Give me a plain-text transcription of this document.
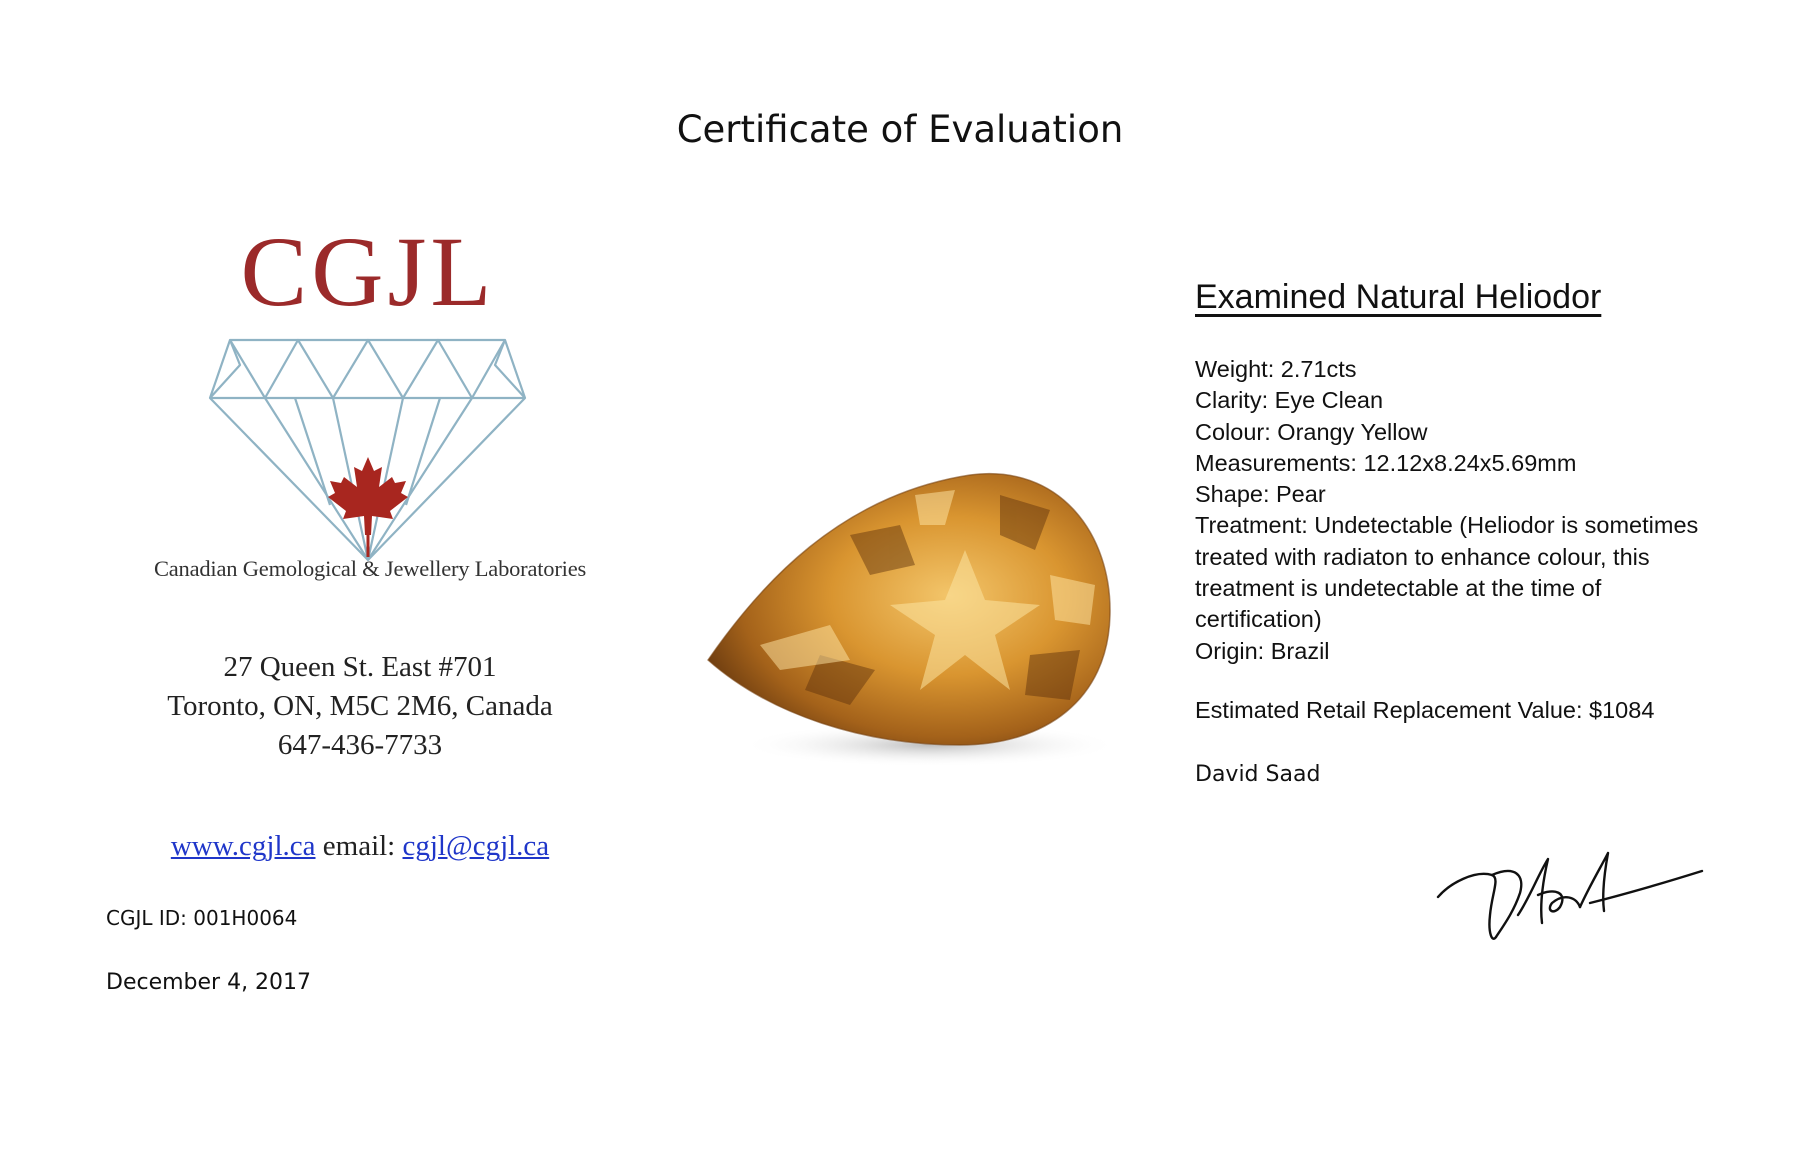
Certificate of Evaluation
CGJL
Canadian Gemological & Jewellery Laboratories
27 Queen St. East #701
Toronto, ON, M5C 2M6, Canada
647-436-7733
www.cgjl.ca email: cgjl@cgjl.ca
CGJL ID: 001H0064
December 4, 2017
Examined Natural Heliodor
Weight: 2.71cts
Clarity: Eye Clean
Colour: Orangy Yellow
Measurements: 12.12x8.24x5.69mm
Shape: Pear
Treatment: Undetectable (Heliodor is sometimes
treated with radiaton to enhance colour, this
treatment is undetectable at the time of
certification)
Origin: Brazil
Estimated Retail Replacement Value: $1084
David Saad
